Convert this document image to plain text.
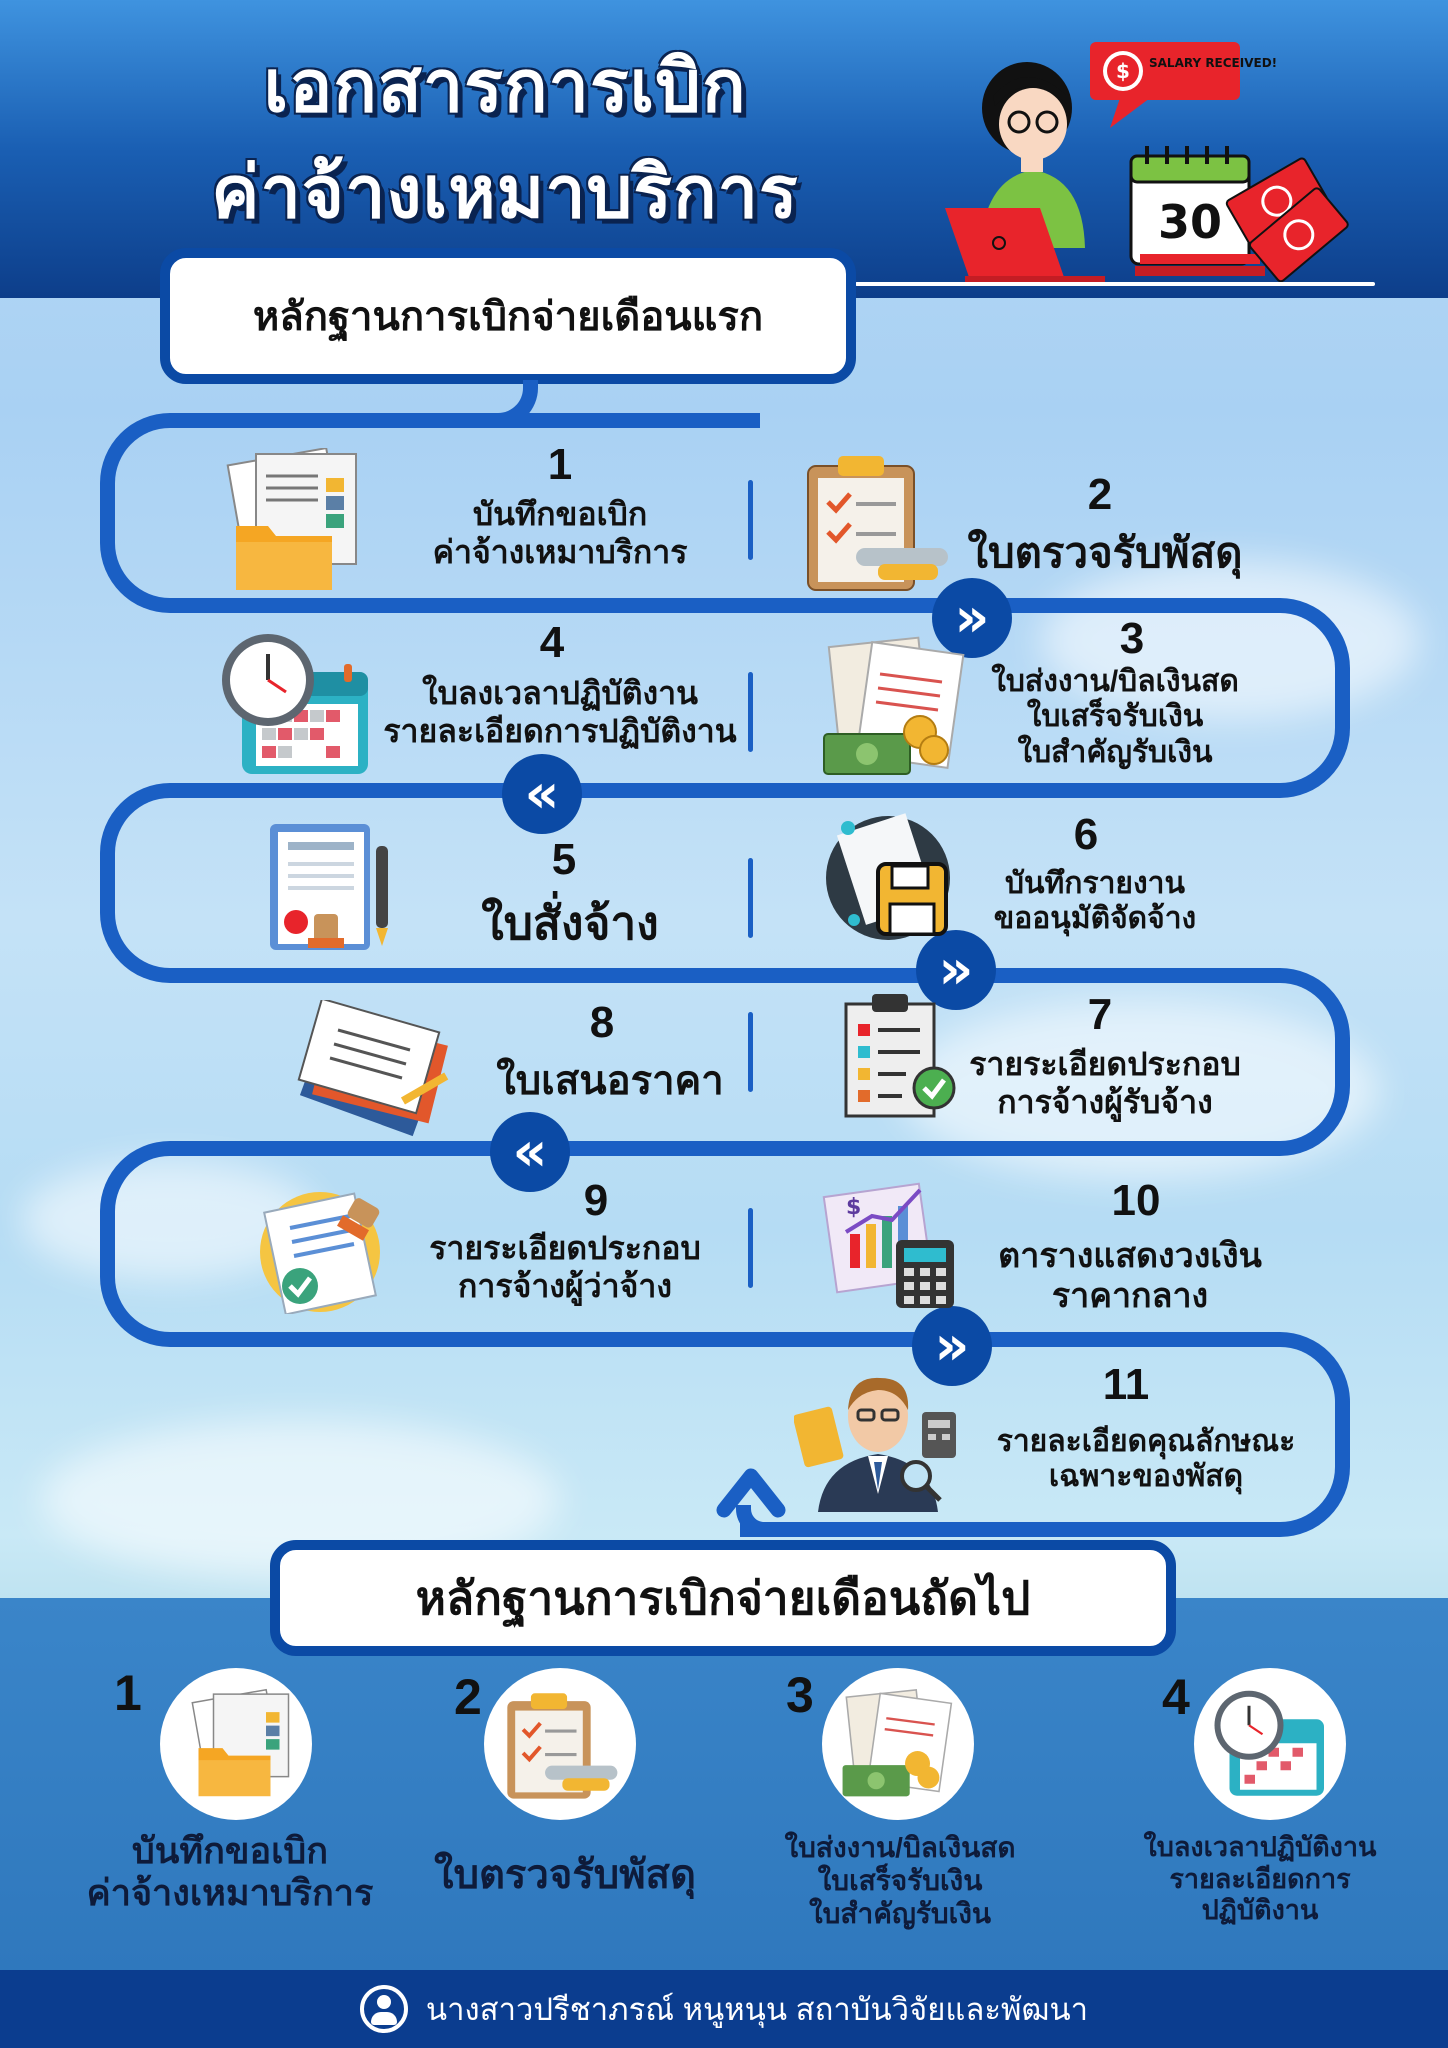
เอกสารการเบิก
ค่าจ้างเหมาบริการ
$ SALARY RECEIVED!
30
หลักฐานการเบิกจ่ายเดือนแรก
»
«
»
«
»
1
บันทึกขอเบิก
ค่าจ้างเหมาบริการ
2
ใบตรวจรับพัสดุ
4
ใบลงเวลาปฏิบัติงาน
รายละเอียดการปฏิบัติงาน
3
ใบส่งงาน/บิลเงินสด
ใบเสร็จรับเงิน
ใบสำคัญรับเงิน
5
ใบสั่งจ้าง
6
บันทึกรายงาน
ขออนุมัติจัดจ้าง
8
ใบเสนอราคา
7
รายระเอียดประกอบ
การจ้างผู้รับจ้าง
9
รายระเอียดประกอบ
การจ้างผู้ว่าจ้าง
$	10
ตารางแสดงวงเงิน
ราคากลาง
11
รายละเอียดคุณลักษณะ
เฉพาะของพัสดุ
หลักฐานการเบิกจ่ายเดือนถัดไป
1
บันทึกขอเบิก
ค่าจ้างเหมาบริการ
2
ใบตรวจรับพัสดุ
3
ใบส่งงาน/บิลเงินสด
ใบเสร็จรับเงิน
ใบสำคัญรับเงิน
4
ใบลงเวลาปฏิบัติงาน
รายละเอียดการ
ปฏิบัติงาน
นางสาวปรีชาภรณ์ หนูหนุน สถาบันวิจัยและพัฒนา
